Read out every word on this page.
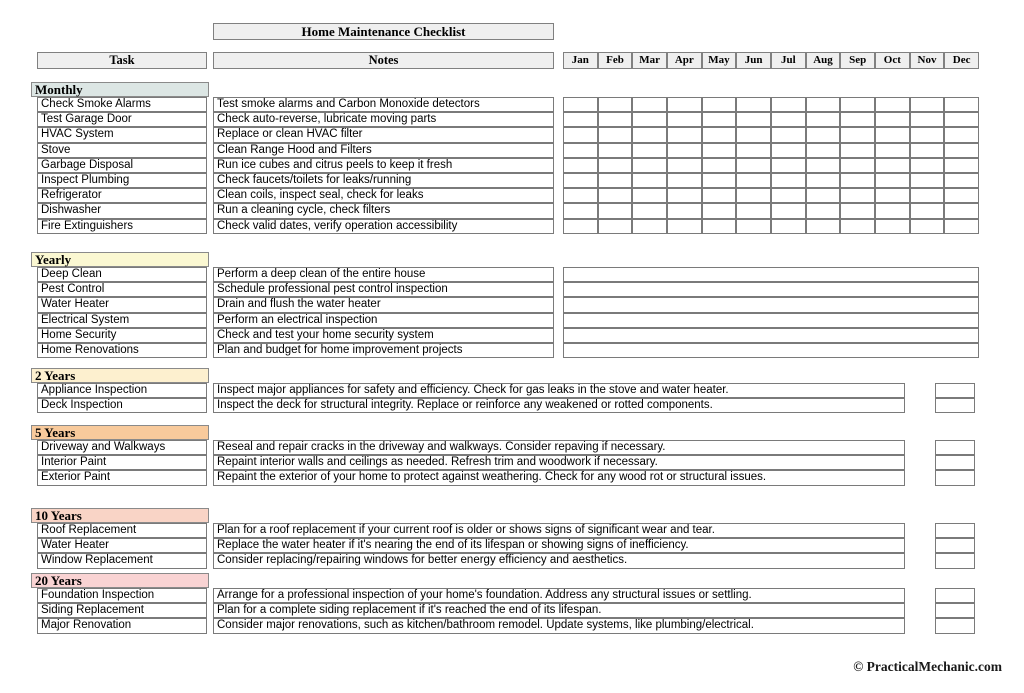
Home Maintenance Checklist
Task	Notes	Jan	Feb	Mar	Apr	May	Jun	Jul	Aug	Sep	Oct	Nov	Dec
Monthly
Check Smoke Alarms	Test smoke alarms and Carbon Monoxide detectors
Test Garage Door	Check auto-reverse, lubricate moving parts
HVAC System	Replace or clean HVAC filter
Stove	Clean Range Hood and Filters
Garbage Disposal	Run ice cubes and citrus peels to keep it fresh
Inspect Plumbing	Check faucets/toilets for leaks/running
Refrigerator	Clean coils, inspect seal, check for leaks
Dishwasher	Run a cleaning cycle, check filters
Fire Extinguishers	Check valid dates, verify operation accessibility
Yearly
Deep Clean	Perform a deep clean of the entire house
Pest Control	Schedule professional pest control inspection
Water Heater	Drain and flush the water heater
Electrical System	Perform an electrical inspection
Home Security	Check and test your home security system
Home Renovations	Plan and budget for home improvement projects
2 Years
Appliance Inspection	Inspect major appliances for safety and efficiency. Check for gas leaks in the stove and water heater.
Deck Inspection	Inspect the deck for structural integrity. Replace or reinforce any weakened or rotted components.
5 Years
Driveway and Walkways	Reseal and repair cracks in the driveway and walkways. Consider repaving if necessary.
Interior Paint	Repaint interior walls and ceilings as needed. Refresh trim and woodwork if necessary.
Exterior Paint	Repaint the exterior of your home to protect against weathering. Check for any wood rot or structural issues.
10 Years
Roof Replacement	Plan for a roof replacement if your current roof is older or shows signs of significant wear and tear.
Water Heater	Replace the water heater if it's nearing the end of its lifespan or showing signs of inefficiency.
Window Replacement	Consider replacing/repairing windows for better energy efficiency and aesthetics.
20 Years
Foundation Inspection	Arrange for a professional inspection of your home's foundation. Address any structural issues or settling.
Siding Replacement	Plan for a complete siding replacement if it's reached the end of its lifespan.
Major Renovation	Consider major renovations, such as kitchen/bathroom remodel. Update systems, like plumbing/electrical.
© PracticalMechanic.com
